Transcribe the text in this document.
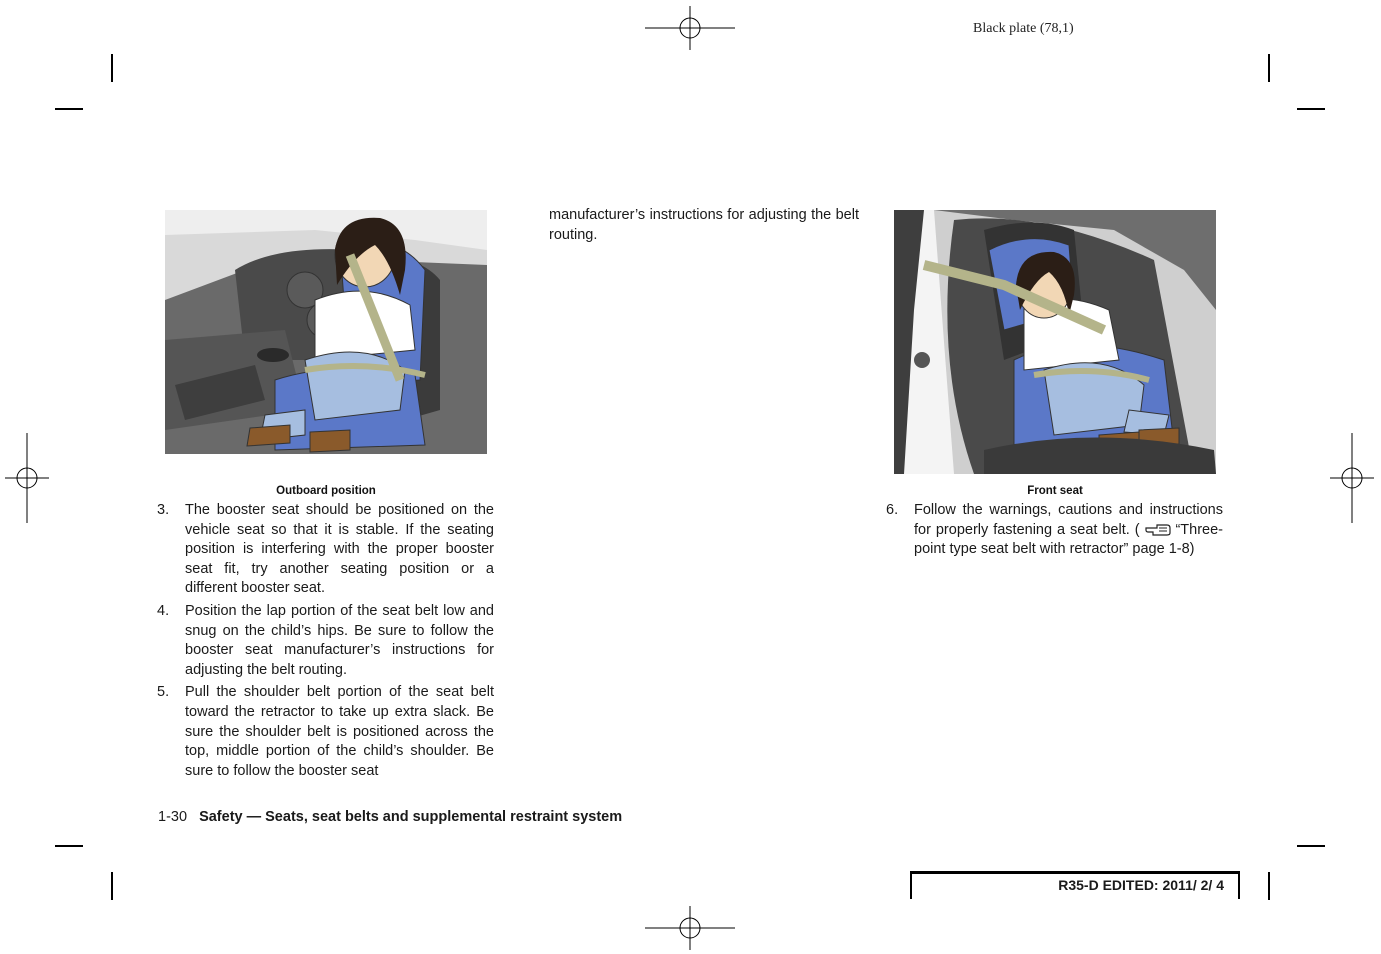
Black plate (78,1)
Outboard position
3. The booster seat should be positioned on the vehicle seat so that it is stable. If the seating position is interfering with the proper booster seat fit, try another seating position or a different booster seat.
4. Position the lap portion of the seat belt low and snug on the child’s hips. Be sure to follow the booster seat manufacturer’s instructions for adjusting the belt routing.
5. Pull the shoulder belt portion of the seat belt toward the retractor to take up extra slack. Be sure the shoulder belt is positioned across the top, middle portion of the child’s shoulder. Be sure to follow the booster seat

manufacturer’s instructions for adjusting the belt routing.

Front seat
6. Follow the warnings, cautions and instructions for properly fastening a seat belt. ( “Three-point type seat belt with retractor” page 1-8)
1-30 Safety — Seats, seat belts and supplemental restraint system
R35-D EDITED: 2011/ 2/ 4
